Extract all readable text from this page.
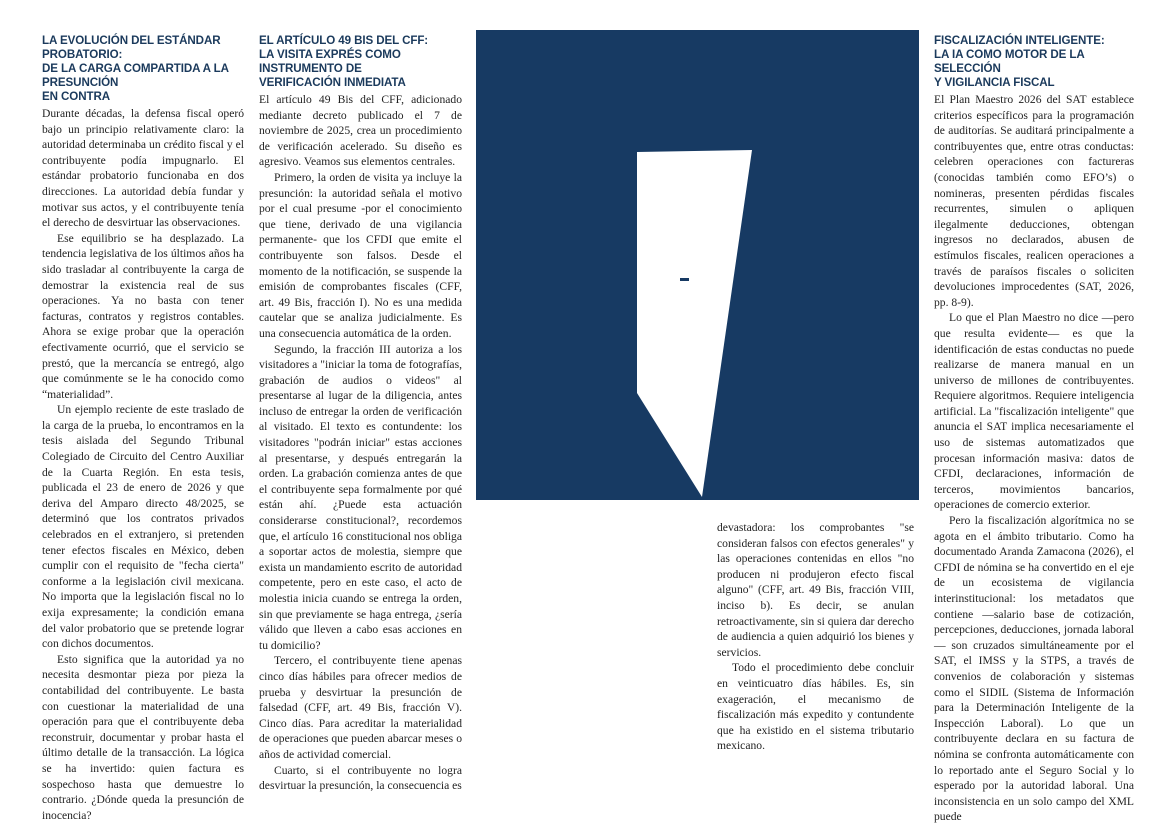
LA EVOLUCIÓN DEL ESTÁNDAR PROBATORIO:
DE LA CARGA COMPARTIDA A LA PRESUNCIÓN
EN CONTRA

Durante décadas, la defensa fiscal operó bajo un principio relativamente claro: la autoridad determinaba un crédito fiscal y el contribuyente podía impugnarlo. El estándar probatorio funcionaba en dos direcciones. La autoridad debía fundar y motivar sus actos, y el contribuyente tenía el derecho de desvirtuar las observaciones.

Ese equilibrio se ha desplazado. La tendencia legislativa de los últimos años ha sido trasladar al contribuyente la carga de demostrar la existencia real de sus operaciones. Ya no basta con tener facturas, contratos y registros contables. Ahora se exige probar que la operación efectivamente ocurrió, que el servicio se prestó, que la mercancía se entregó, algo que comúnmente se le ha conocido como “materialidad”.

Un ejemplo reciente de este traslado de la carga de la prueba, lo encontramos en la tesis aislada del Segundo Tribunal Colegiado de Circuito del Centro Auxiliar de la Cuarta Región. En esta tesis, publicada el 23 de enero de 2026 y que deriva del Amparo directo 48/2025, se determinó que los contratos privados celebrados en el extranjero, si pretenden tener efectos fiscales en México, deben cumplir con el requisito de "fecha cierta" conforme a la legislación civil mexicana. No importa que la legislación fiscal no lo exija expresamente; la condición emana del valor probatorio que se pretende lograr con dichos documentos.

Esto significa que la autoridad ya no necesita desmontar pieza por pieza la contabilidad del contribuyente. Le basta con cuestionar la materialidad de una operación para que el contribuyente deba reconstruir, documentar y probar hasta el último detalle de la transacción. La lógica se ha invertido: quien factura es sospechoso hasta que demuestre lo contrario. ¿Dónde queda la presunción de inocencia?

EL ARTÍCULO 49 BIS DEL CFF:
LA VISITA EXPRÉS COMO INSTRUMENTO DE
VERIFICACIÓN INMEDIATA

El artículo 49 Bis del CFF, adicionado mediante decreto publicado el 7 de noviembre de 2025, crea un procedimiento de verificación acelerado. Su diseño es agresivo. Veamos sus elementos centrales.

Primero, la orden de visita ya incluye la presunción: la autoridad señala el motivo por el cual presume -por el conocimiento que tiene, derivado de una vigilancia permanente- que los CFDI que emite el contribuyente son falsos. Desde el momento de la notificación, se suspende la emisión de comprobantes fiscales (CFF, art. 49 Bis, fracción I). No es una medida cautelar que se analiza judicialmente. Es una consecuencia automática de la orden.

Segundo, la fracción III autoriza a los visitadores a "iniciar la toma de fotografías, grabación de audios o videos" al presentarse al lugar de la diligencia, antes incluso de entregar la orden de verificación al visitado. El texto es contundente: los visitadores "podrán iniciar" estas acciones al presentarse, y después entregarán la orden. La grabación comienza antes de que el contribuyente sepa formalmente por qué están ahí. ¿Puede esta actuación considerarse constitucional?, recordemos que, el artículo 16 constitucional nos obliga a soportar actos de molestia, siempre que exista un mandamiento escrito de autoridad competente, pero en este caso, el acto de molestia inicia cuando se entrega la orden, sin que previamente se haga entrega, ¿sería válido que lleven a cabo esas acciones en tu domicilio?

Tercero, el contribuyente tiene apenas cinco días hábiles para ofrecer medios de prueba y desvirtuar la presunción de falsedad (CFF, art. 49 Bis, fracción V). Cinco días. Para acreditar la materialidad de operaciones que pueden abarcar meses o años de actividad comercial.

Cuarto, si el contribuyente no logra desvirtuar la presunción, la consecuencia es

devastadora: los comprobantes "se consideran falsos con efectos generales" y las operaciones contenidas en ellos "no producen ni produjeron efecto fiscal alguno" (CFF, art. 49 Bis, fracción VIII, inciso b). Es decir, se anulan retroactivamente, sin si quiera dar derecho de audiencia a quien adquirió los bienes y servicios.

Todo el procedimiento debe concluir en veinticuatro días hábiles. Es, sin exageración, el mecanismo de fiscalización más expedito y contundente que ha existido en el sistema tributario mexicano.

FISCALIZACIÓN INTELIGENTE:
LA IA COMO MOTOR DE LA SELECCIÓN
Y VIGILANCIA FISCAL

El Plan Maestro 2026 del SAT establece criterios específicos para la programación de auditorías. Se auditará principalmente a contribuyentes que, entre otras conductas: celebren operaciones con factureras (conocidas también como EFO’s) o nomineras, presenten pérdidas fiscales recurrentes, simulen o apliquen ilegalmente deducciones, obtengan ingresos no declarados, abusen de estímulos fiscales, realicen operaciones a través de paraísos fiscales o soliciten devoluciones improcedentes (SAT, 2026, pp. 8-9).

Lo que el Plan Maestro no dice —pero que resulta evidente— es que la identificación de estas conductas no puede realizarse de manera manual en un universo de millones de contribuyentes. Requiere algoritmos. Requiere inteligencia artificial. La "fiscalización inteligente" que anuncia el SAT implica necesariamente el uso de sistemas automatizados que procesan información masiva: datos de CFDI, declaraciones, información de terceros, movimientos bancarios, operaciones de comercio exterior.

Pero la fiscalización algorítmica no se agota en el ámbito tributario. Como ha documentado Aranda Zamacona (2026), el CFDI de nómina se ha convertido en el eje de un ecosistema de vigilancia interinstitucional: los metadatos que contiene —salario base de cotización, percepciones, deducciones, jornada laboral— son cruzados simultáneamente por el SAT, el IMSS y la STPS, a través de convenios de colaboración y sistemas como el SIDIL (Sistema de Información para la Determinación Inteligente de la Inspección Laboral). Lo que un contribuyente declara en su factura de nómina se confronta automáticamente con lo reportado ante el Seguro Social y lo esperado por la autoridad laboral. Una inconsistencia en un solo campo del XML puede
